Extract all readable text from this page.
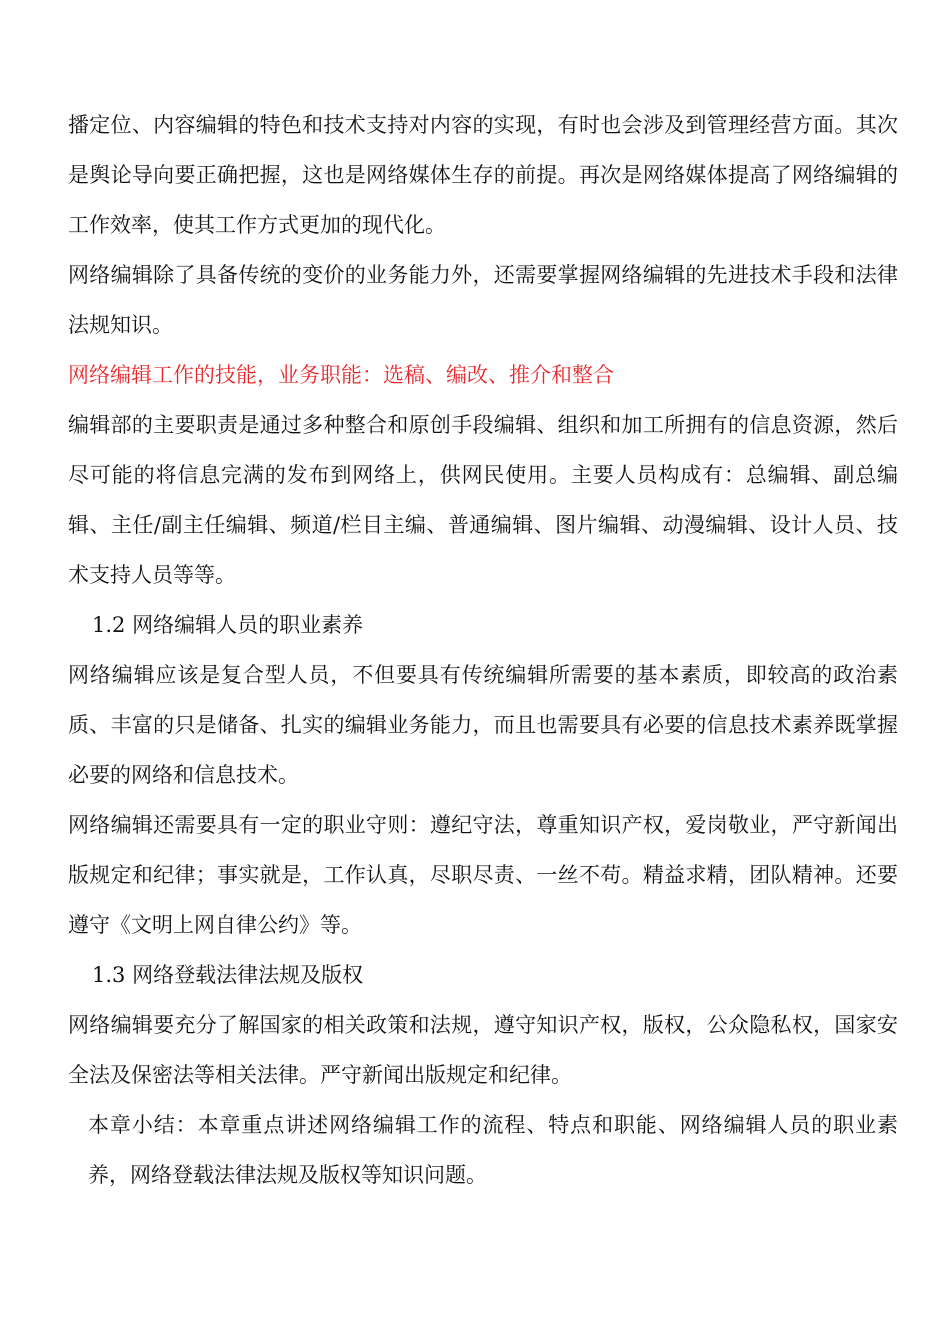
播定位、内容编辑的特色和技术支持对内容的实现，有时也会涉及到管理经营方面。其次是舆论导向要正确把握，这也是网络媒体生存的前提。再次是网络媒体提高了网络编辑的工作效率，使其工作方式更加的现代化。

网络编辑除了具备传统的变价的业务能力外，还需要掌握网络编辑的先进技术手段和法律法规知识。

网络编辑工作的技能，业务职能：选稿、编改、推介和整合

编辑部的主要职责是通过多种整合和原创手段编辑、组织和加工所拥有的信息资源，然后尽可能的将信息完满的发布到网络上，供网民使用。主要人员构成有：总编辑、副总编辑、主任/副主任编辑、频道/栏目主编、普通编辑、图片编辑、动漫编辑、设计人员、技术支持人员等等。

1.2 网络编辑人员的职业素养

网络编辑应该是复合型人员，不但要具有传统编辑所需要的基本素质，即较高的政治素质、丰富的只是储备、扎实的编辑业务能力，而且也需要具有必要的信息技术素养既掌握必要的网络和信息技术。

网络编辑还需要具有一定的职业守则：遵纪守法，尊重知识产权，爱岗敬业，严守新闻出版规定和纪律；事实就是，工作认真，尽职尽责、一丝不苟。精益求精，团队精神。还要遵守《文明上网自律公约》等。

1.3 网络登载法律法规及版权

网络编辑要充分了解国家的相关政策和法规，遵守知识产权，版权，公众隐私权，国家安全法及保密法等相关法律。严守新闻出版规定和纪律。

本章小结：本章重点讲述网络编辑工作的流程、特点和职能、网络编辑人员的职业素养，网络登载法律法规及版权等知识问题。
